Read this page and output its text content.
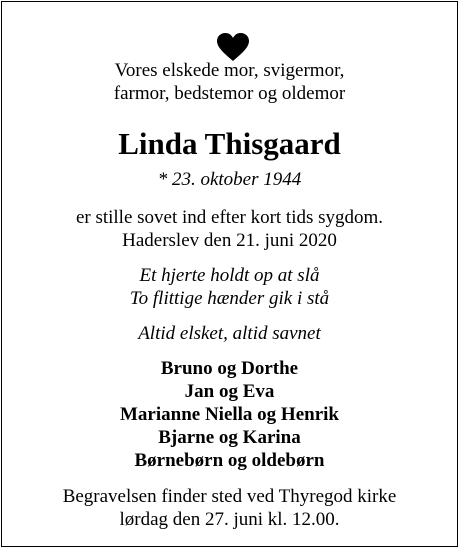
Vores elskede mor, svigermor,
farmor, bedstemor og oldemor
Linda Thisgaard
* 23. oktober 1944
er stille sovet ind efter kort tids sygdom.
Haderslev den 21. juni 2020
Et hjerte holdt op at slå
To flittige hænder gik i stå
Altid elsket, altid savnet
Bruno og Dorthe
Jan og Eva
Marianne Niella og Henrik
Bjarne og Karina
Børnebørn og oldebørn
Begravelsen finder sted ved Thyregod kirke
lørdag den 27. juni kl. 12.00.
